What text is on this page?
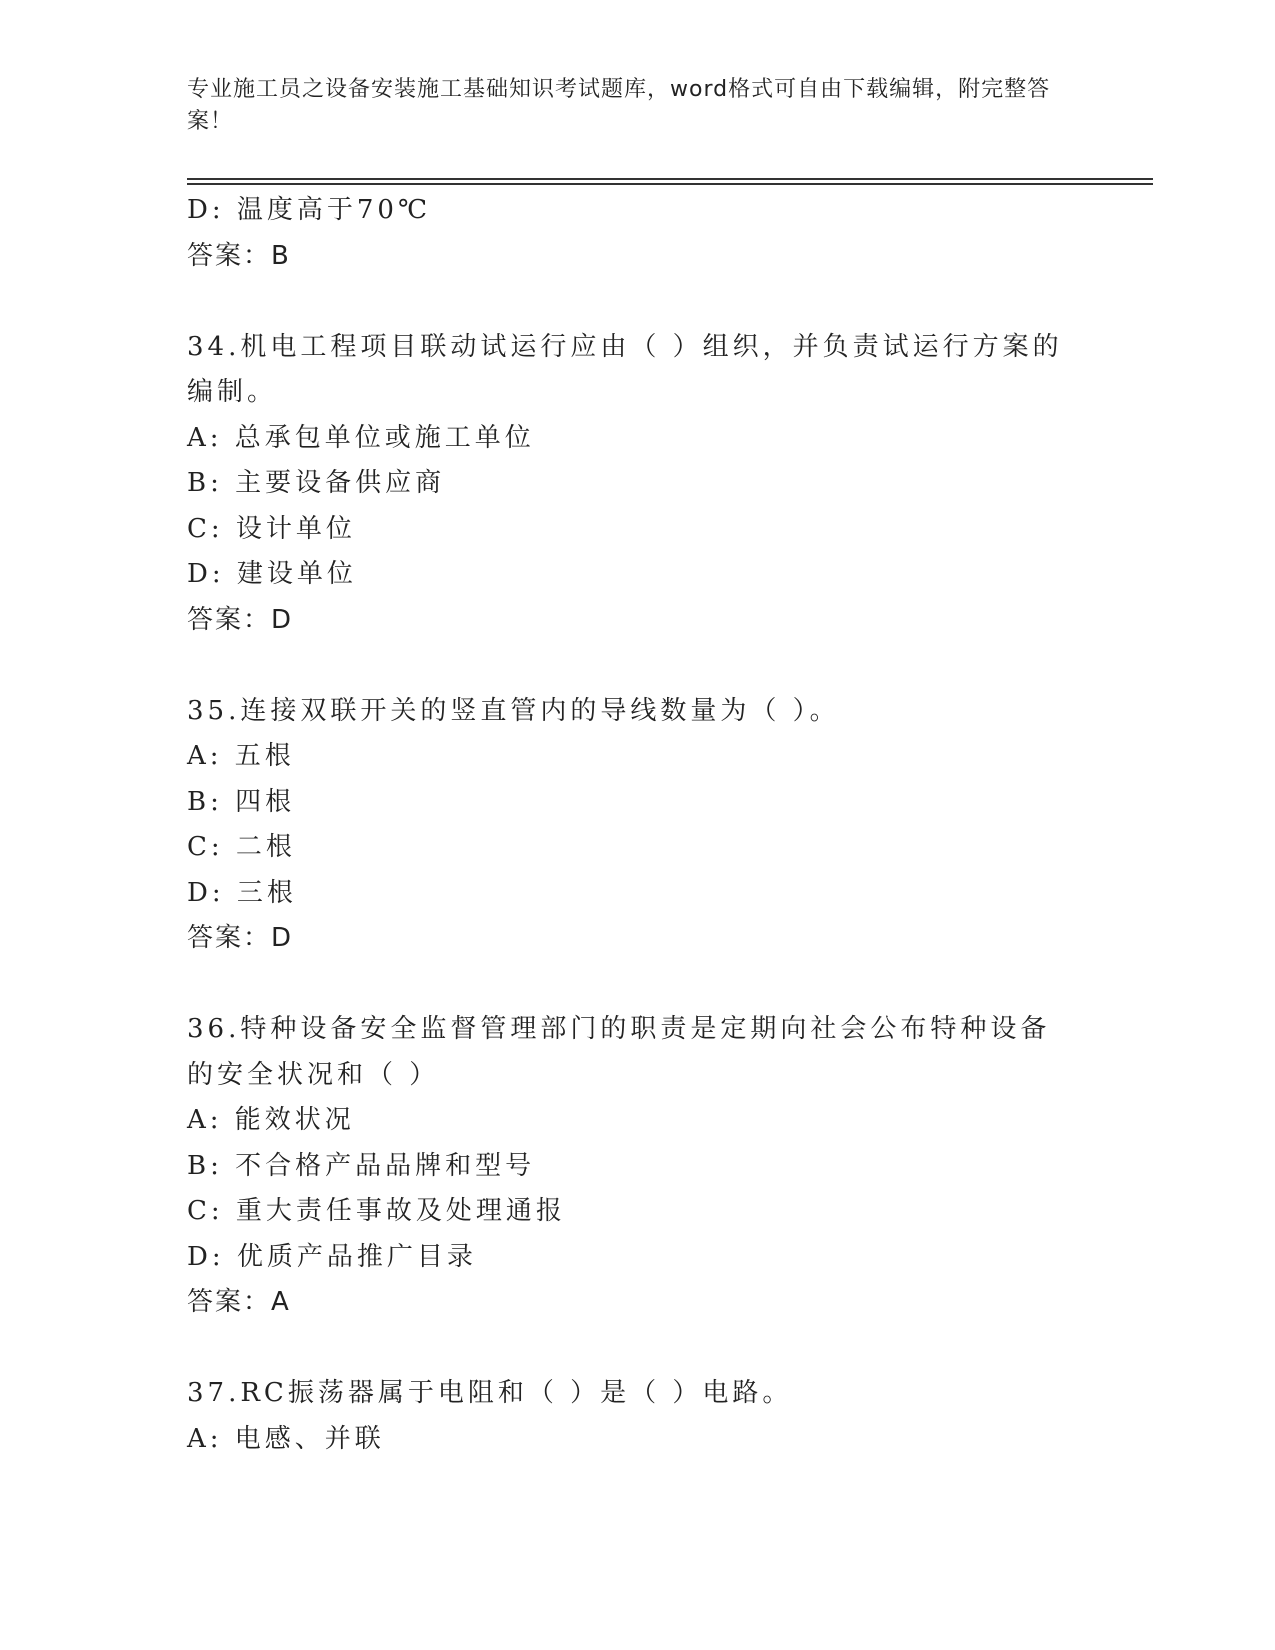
专业施工员之设备安装施工基础知识考试题库，word格式可自由下载编辑，附完整答案！
D: 温度高于70℃
答案：B
34.机电工程项目联动试运行应由（ ）组织，并负责试运行方案的编制。
A: 总承包单位或施工单位
B: 主要设备供应商
C: 设计单位
D: 建设单位
答案：D
35.连接双联开关的竖直管内的导线数量为（ ）。
A: 五根
B: 四根
C: 二根
D: 三根
答案：D
36.特种设备安全监督管理部门的职责是定期向社会公布特种设备的安全状况和（ ）
A: 能效状况
B: 不合格产品品牌和型号
C: 重大责任事故及处理通报
D: 优质产品推广目录
答案：A
37.RC振荡器属于电阻和（ ）是（ ）电路。
A: 电感、并联
